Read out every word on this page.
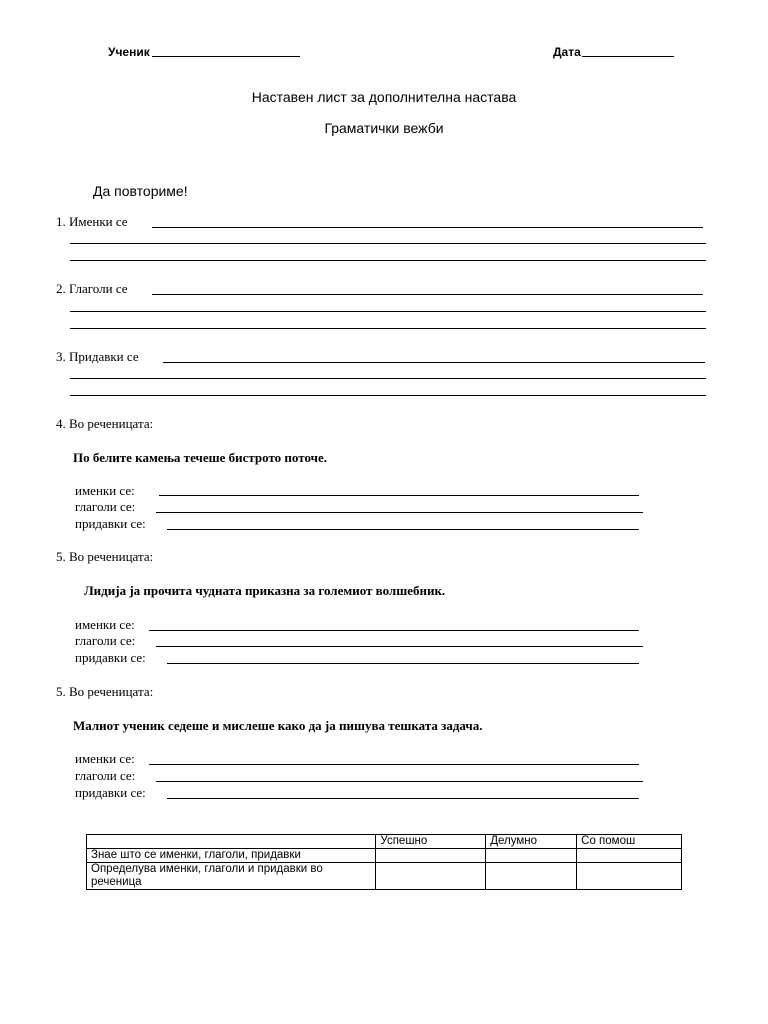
Ученик	Дата
Наставен лист за дополнителна настава
Граматички вежби
Да повториме!
1. Именки се
2. Глаголи се
3. Придавки се
4. Во реченицата:
По белите камења течеше бистрото поточе.
именки се:
глаголи се:
придавки се:
5. Во реченицата:
Лидија ја прочита чудната приказна за големиот волшебник.
именки се:
глаголи се:
придавки се:
5. Во реченицата:
Малиот ученик седеше и мислеше како да ја пишува тешката задача.
именки се:
глаголи се:
придавки се:
	Успешно	Делумно	Со помош
Знае што се именки, глаголи, придавки			
Определува именки, глаголи и придавки во реченица			
